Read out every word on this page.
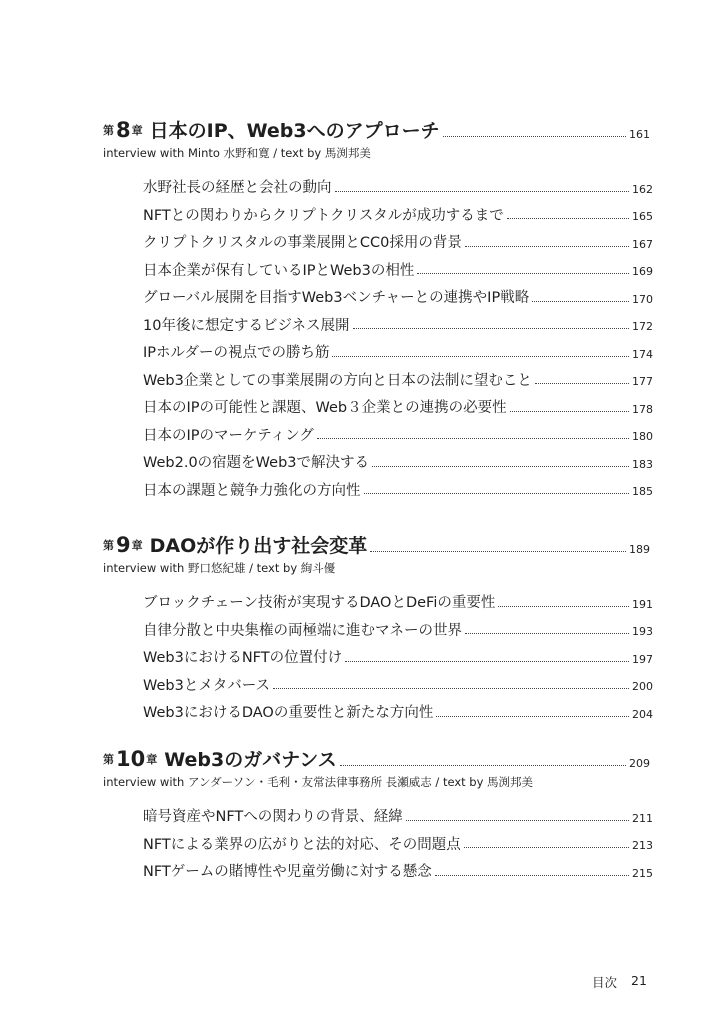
第 8 章 日本のIP、Web3へのアプローチ	161
interview with Minto 水野和寛 / text by 馬渕邦美
水野社長の経歴と会社の動向	162
NFTとの関わりからクリプトクリスタルが成功するまで	165
クリプトクリスタルの事業展開とCC0採用の背景	167
日本企業が保有しているIPとWeb3の相性	169
グローバル展開を目指すWeb3ベンチャーとの連携やIP戦略	170
10年後に想定するビジネス展開	172
IPホルダーの視点での勝ち筋	174
Web3企業としての事業展開の方向と日本の法制に望むこと	177
日本のIPの可能性と課題、Web３企業との連携の必要性	178
日本のIPのマーケティング	180
Web2.0の宿題をWeb3で解決する	183
日本の課題と競争力強化の方向性	185
第 9 章 DAOが作り出す社会変革	189
interview with 野口悠紀雄 / text by 絢斗優
ブロックチェーン技術が実現するDAOとDeFiの重要性	191
自律分散と中央集権の両極端に進むマネーの世界	193
Web3におけるNFTの位置付け	197
Web3とメタバース	200
Web3におけるDAOの重要性と新たな方向性	204
第 10 章 Web3のガバナンス	209
interview with アンダーソン・毛利・友常法律事務所 長瀬威志 / text by 馬渕邦美
暗号資産やNFTへの関わりの背景、経緯	211
NFTによる業界の広がりと法的対応、その問題点	213
NFTゲームの賭博性や児童労働に対する懸念	215
目次 21
